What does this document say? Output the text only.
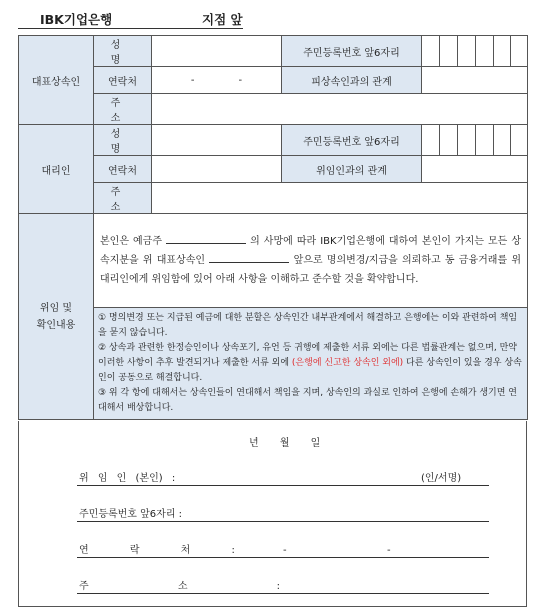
IBK기업은행	지점 앞
대표상속인	성 명		주민등록번호 앞6자리						
	연락처	- -	피상속인과의 관계						
	주 소								
대리인	성 명		주민등록번호 앞6자리						
	연락처		위임인과의 관계						
	주 소								
위임 및
확인내용	본인은 예금주 의 사망에 따라 IBK기업은행에 대하여 본인이 가지는 모든 상속지분을 위 대표상속인 앞으로 명의변경/지급을 의뢰하고 동 금융거래를 위 대리인에게 위임함에 있어 아래 사항을 이해하고 준수할 것을 확약합니다.								

	① 명의변경 또는 지급된 예금에 대한 분할은 상속인간 내부관계에서 해결하고 은행에는 이와 관련하여 책임을 묻지 않습니다.
② 상속과 관련한 한정승인이나 상속포기, 유언 등 귀행에 제출한 서류 외에는 다른 법률관계는 없으며, 만약 이러한 사항이 추후 발견되거나 제출한 서류 외에 (은행에 신고한 상속인 외에) 다른 상속인이 있을 경우 상속인이 공동으로 해결합니다.
③ 위 각 항에 대해서는 상속인들이 연대해서 책임을 지며, 상속인의 과실로 인하여 은행에 손해가 생기면 연대해서 배상합니다.								
년 월 일
위 임 인 (본인) :	(인/서명)
주민등록번호 앞6자리 :
연 락 처 :	-	-
주 소 :
